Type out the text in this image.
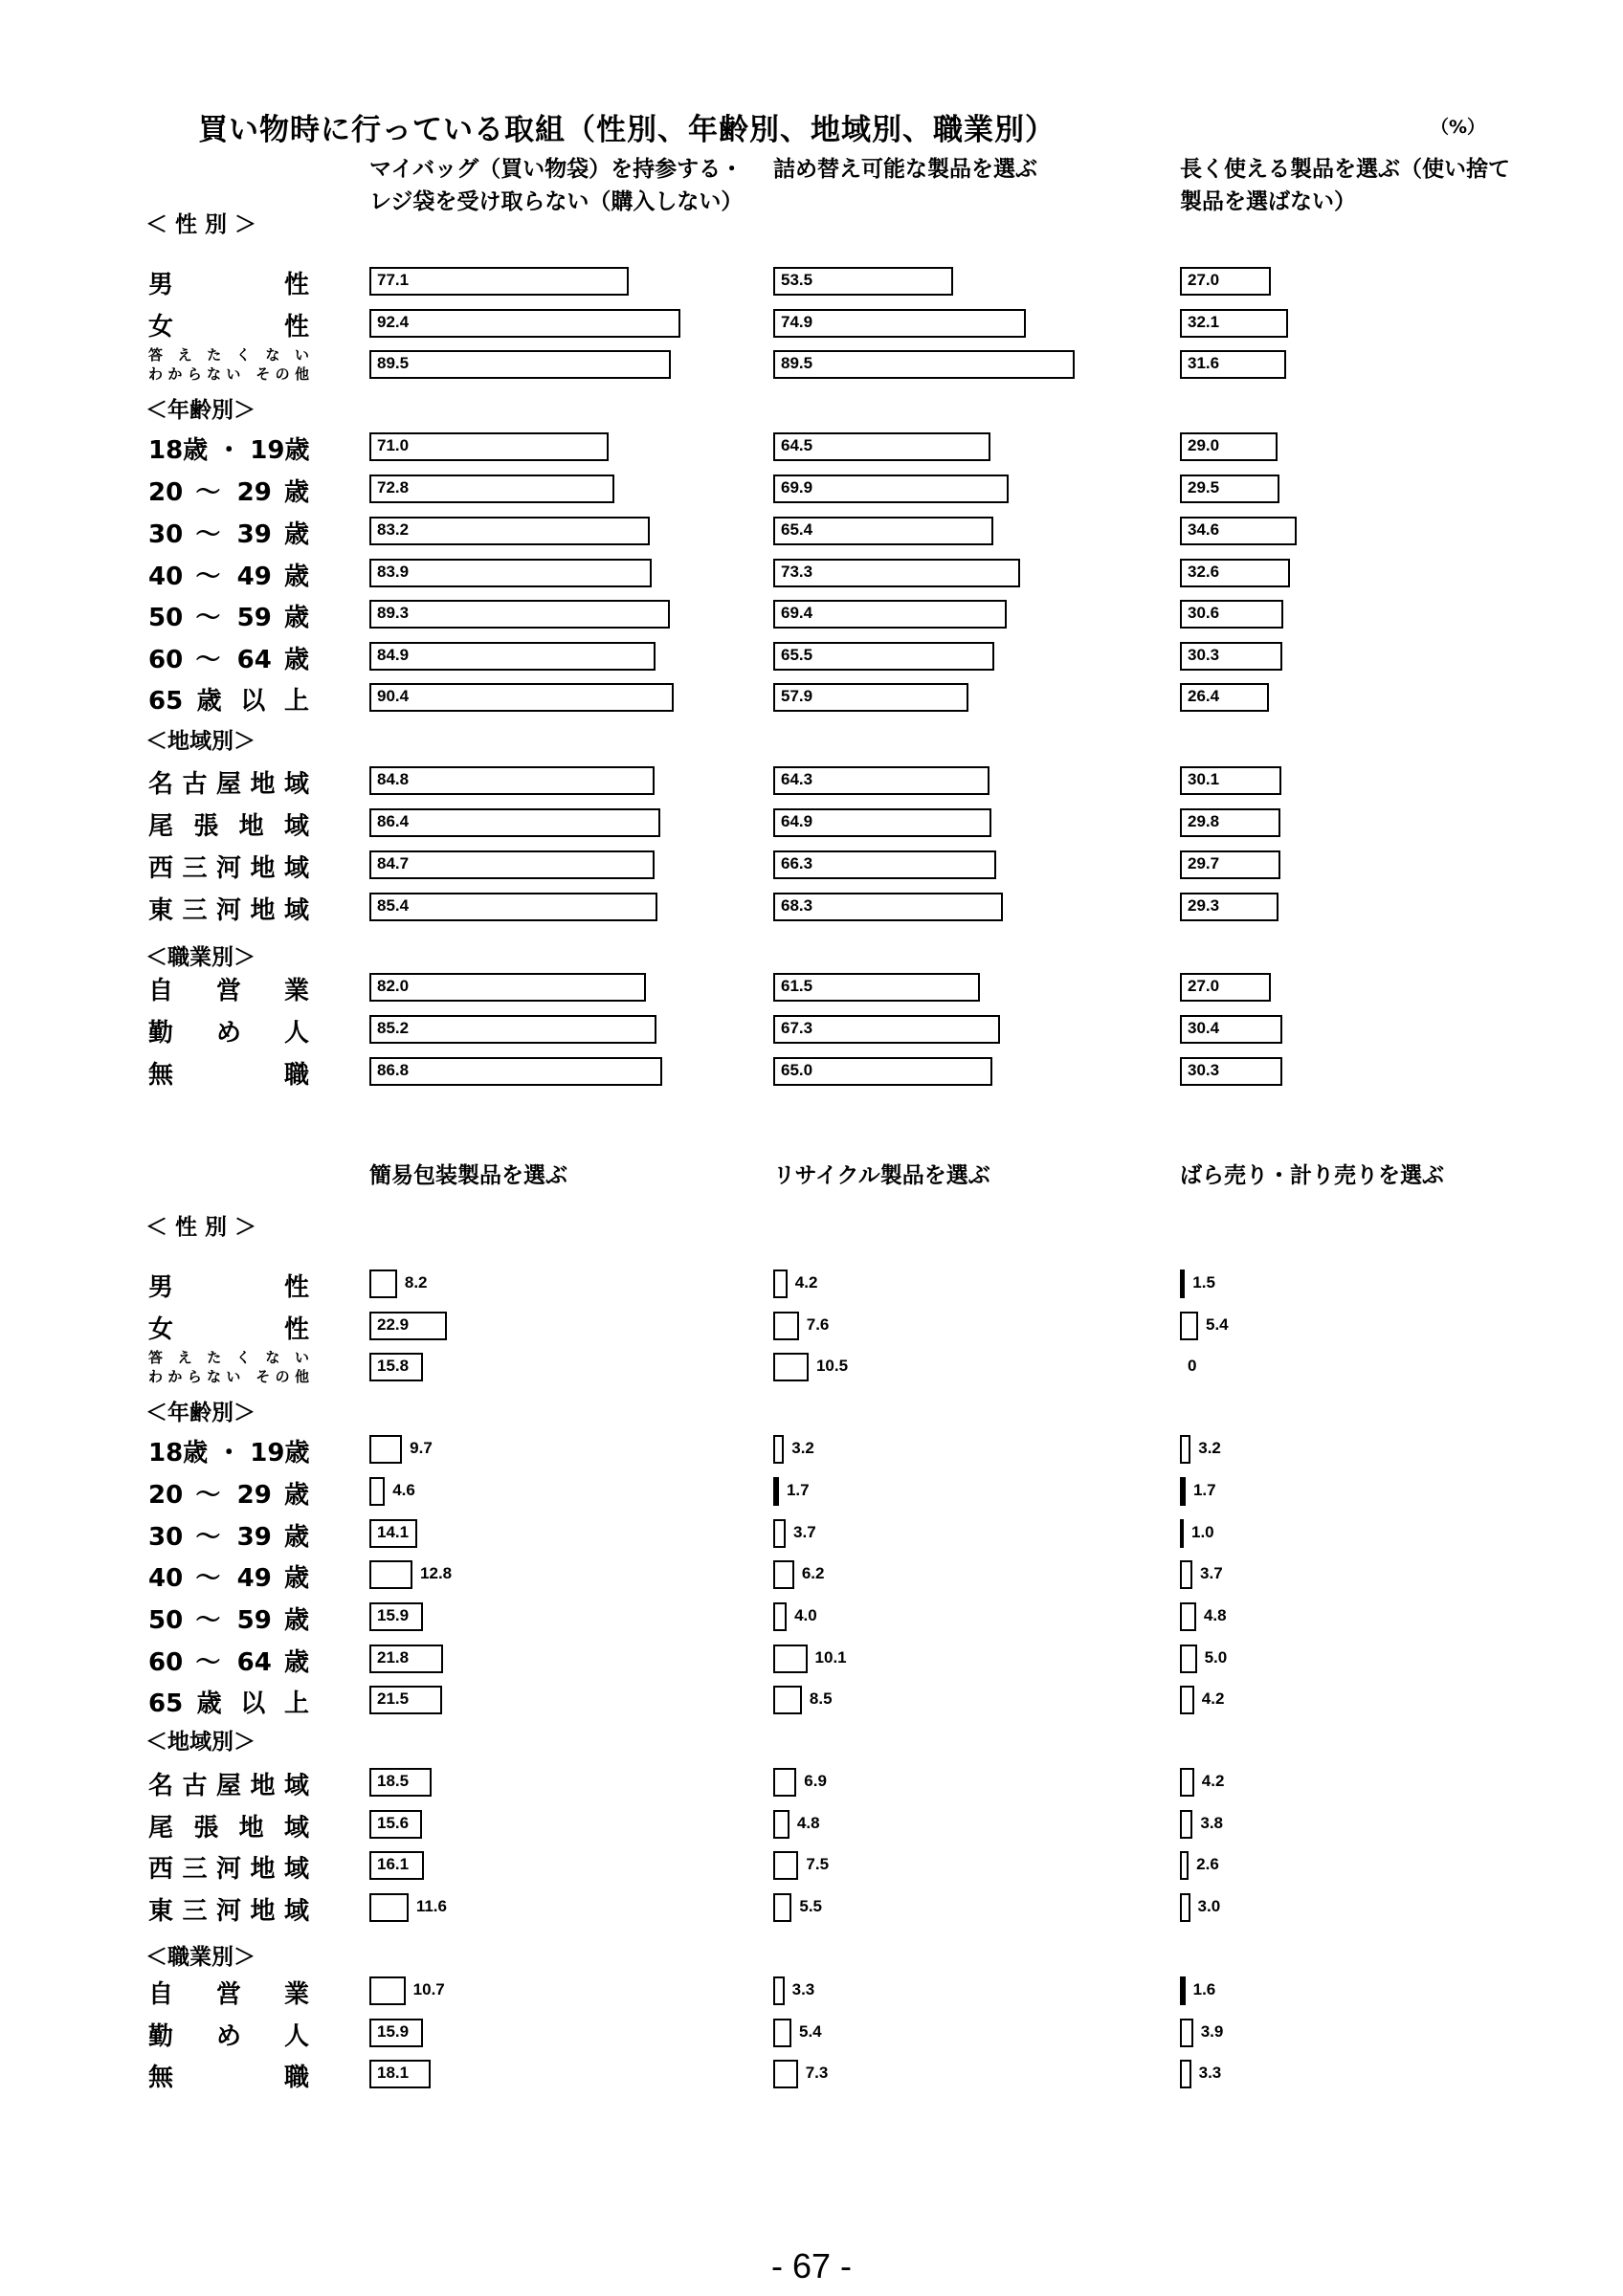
買い物時に行っている取組（性別、年齢別、地域別、職業別）	（%）
＜ 性 別 ＞
＜年齢別＞
＜地域別＞
＜職業別＞
男 性
女 性
答 え た く な い
わからない その他
18歳 ・ 19歳
20 ～ 29 歳
30 ～ 39 歳
40 ～ 49 歳
50 ～ 59 歳
60 ～ 64 歳
65 歳 以 上
名古屋地域
尾張地域
西三河地域
東三河地域
自営業
勤め人
無職
マイバッグ（買い物袋）を持参する・
レジ袋を受け取らない（購入しない）
77.1
92.4
89.5
71.0
72.8
83.2
83.9
89.3
84.9
90.4
84.8
86.4
84.7
85.4
82.0
85.2
86.8
詰め替え可能な製品を選ぶ
53.5
74.9
89.5
64.5
69.9
65.4
73.3
69.4
65.5
57.9
64.3
64.9
66.3
68.3
61.5
67.3
65.0
長く使える製品を選ぶ（使い捨て
製品を選ばない）
27.0
32.1
31.6
29.0
29.5
34.6
32.6
30.6
30.3
26.4
30.1
29.8
29.7
29.3
27.0
30.4
30.3
＜ 性 別 ＞
＜年齢別＞
＜地域別＞
＜職業別＞
男 性
女 性
答 え た く な い
わからない その他
18歳 ・ 19歳
20 ～ 29 歳
30 ～ 39 歳
40 ～ 49 歳
50 ～ 59 歳
60 ～ 64 歳
65 歳 以 上
名古屋地域
尾張地域
西三河地域
東三河地域
自営業
勤め人
無職
簡易包装製品を選ぶ
8.2
22.9
15.8
9.7
4.6
14.1
12.8
15.9
21.8
21.5
18.5
15.6
16.1
11.6
10.7
15.9
18.1
リサイクル製品を選ぶ
4.2
7.6
10.5
3.2
1.7
3.7
6.2
4.0
10.1
8.5
6.9
4.8
7.5
5.5
3.3
5.4
7.3
ばら売り・計り売りを選ぶ
1.5
5.4
0
3.2
1.7
1.0
3.7
4.8
5.0
4.2
4.2
3.8
2.6
3.0
1.6
3.9
3.3
- 67 -
